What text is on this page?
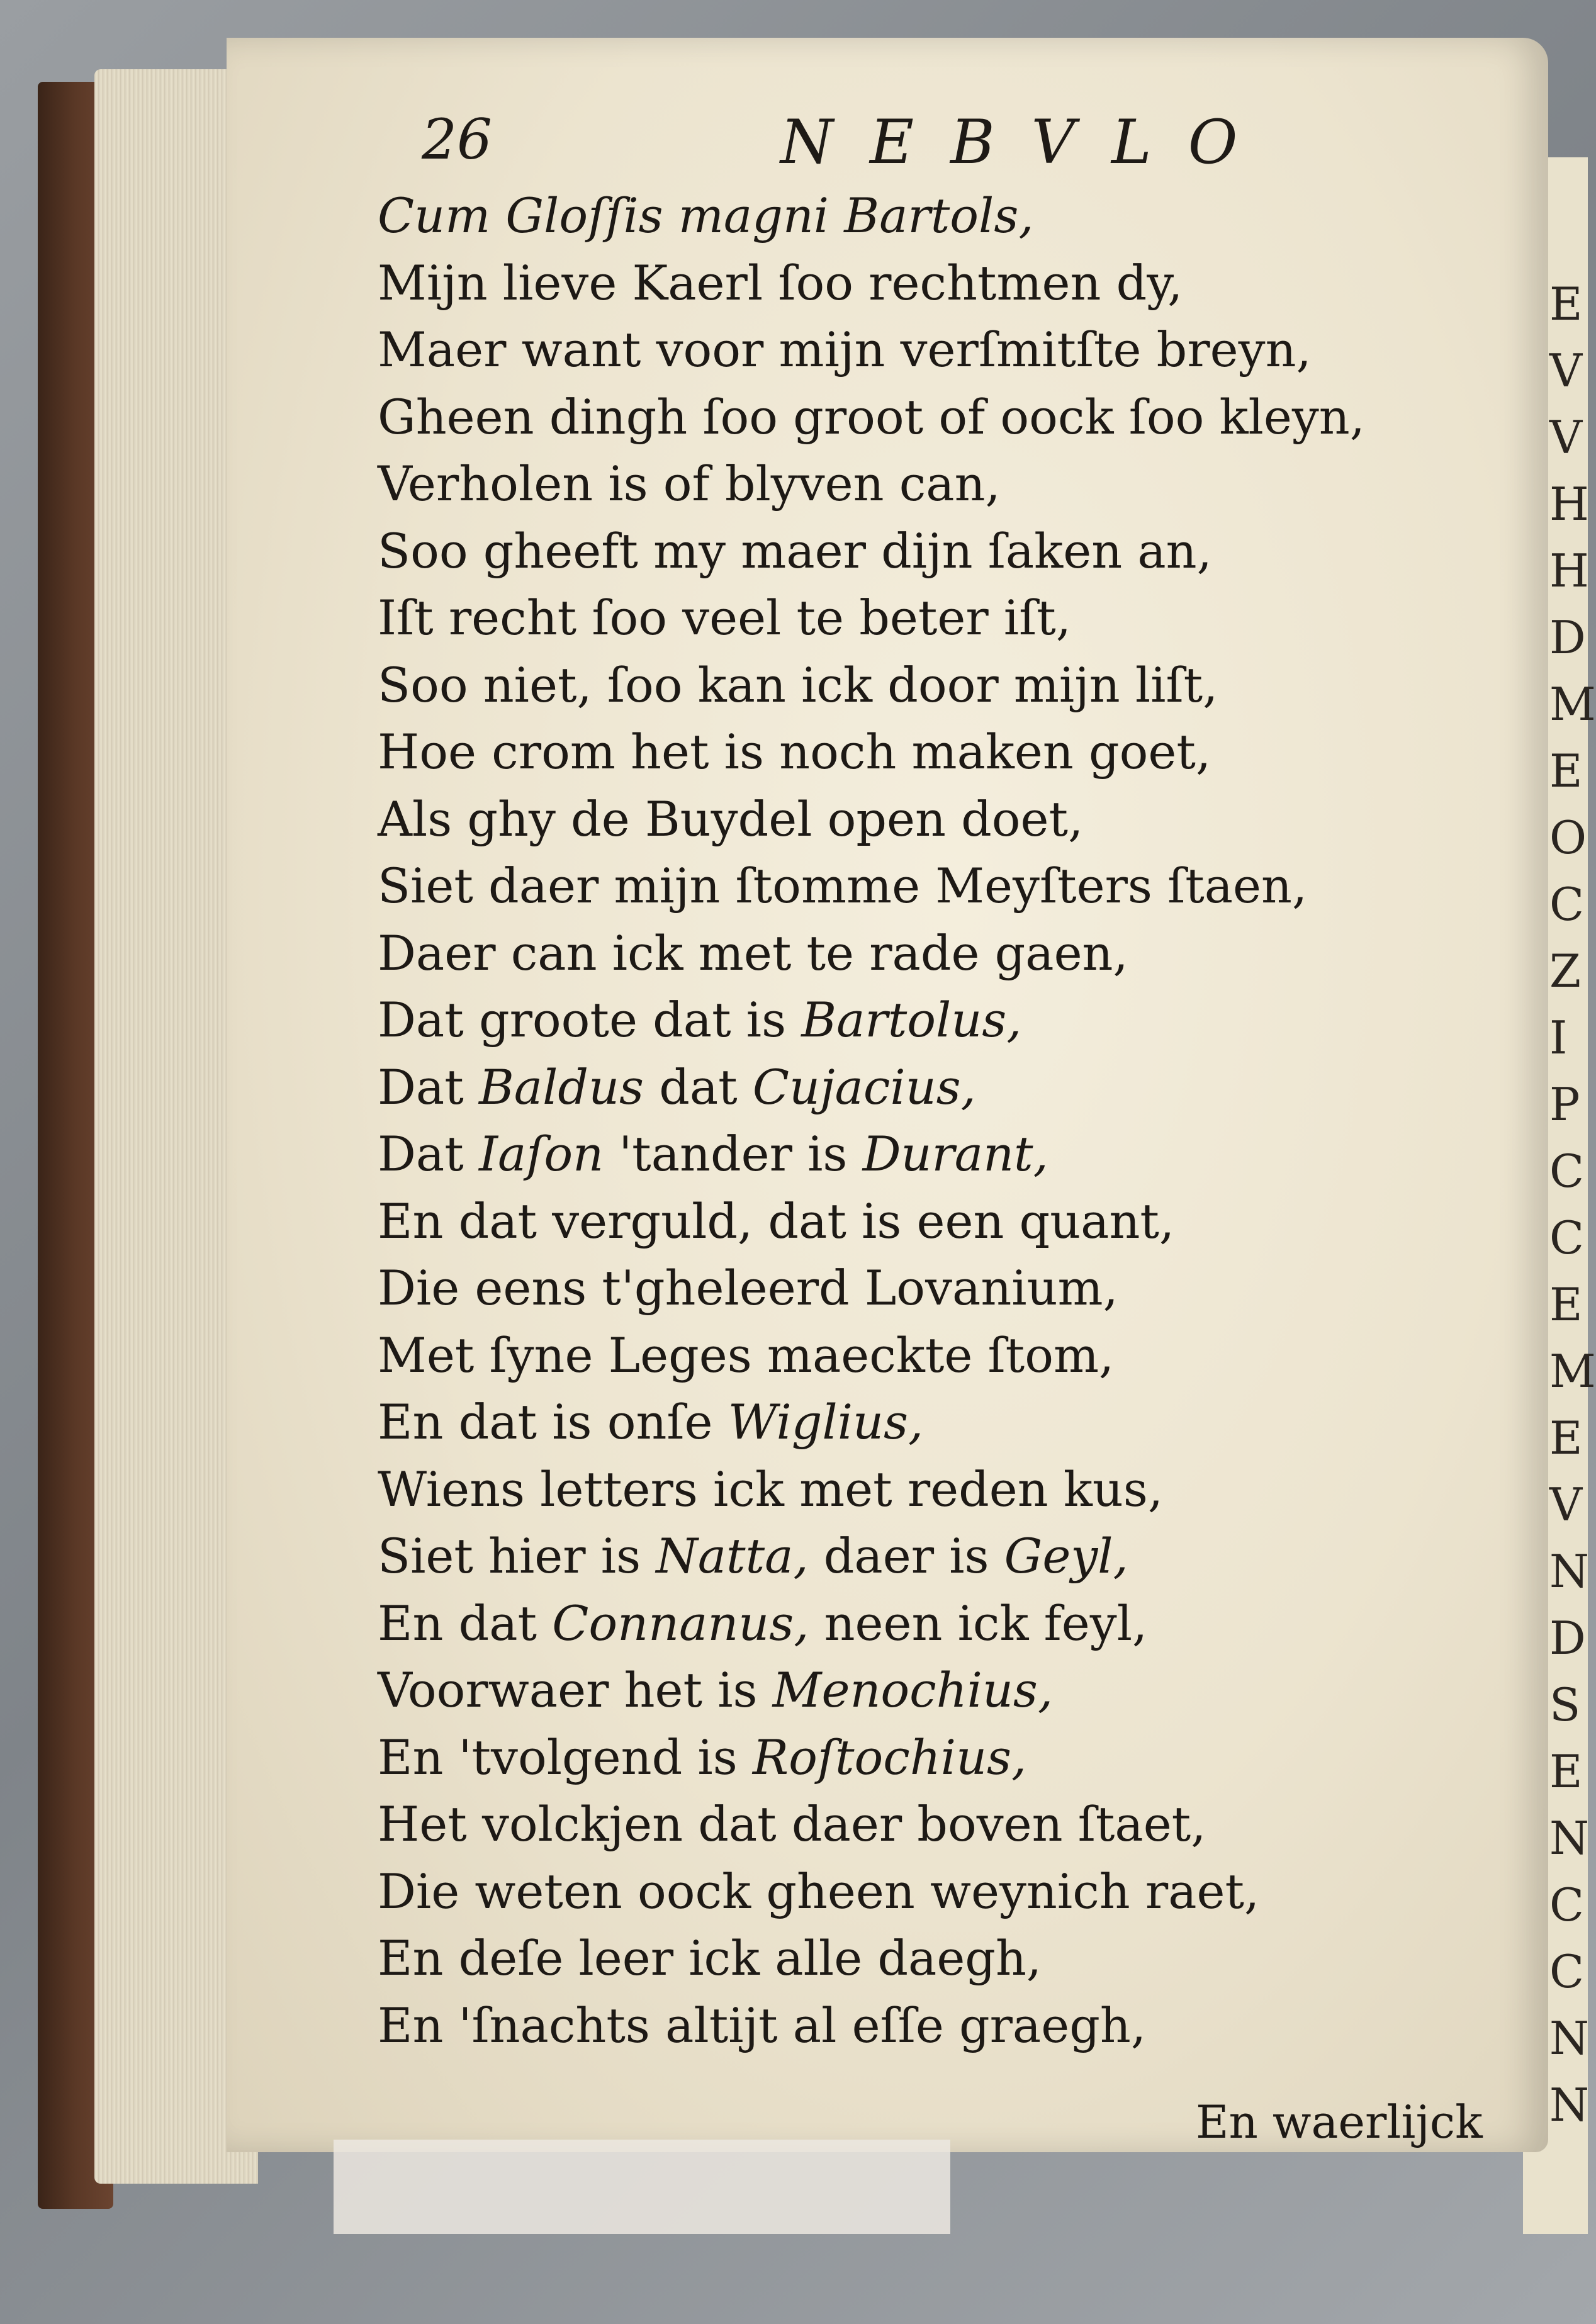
E
V
V
H
H
D
M
E
O
C
Z
I
P
C
C
E
M
E
V
N
D
S
E
N
C
C
N
N
26	NEBVLO
Cum Gloſſis magni Bartols,
Mijn lieve Kaerl ſoo rechtmen dy,
Maer want voor mijn verſmitſte breyn,
Gheen dingh ſoo groot of oock ſoo kleyn,
Verholen is of blyven can,
Soo gheeft my maer dijn ſaken an,
Iſt recht ſoo veel te beter iſt,
Soo niet, ſoo kan ick door mijn liſt,
Hoe crom het is noch maken goet,
Als ghy de Buydel open doet,
Siet daer mijn ſtomme Meyſters ſtaen,
Daer can ick met te rade gaen,
Dat groote dat is Bartolus,
Dat Baldus dat Cujacius,
Dat Iaſon 'tander is Durant,
En dat verguld, dat is een quant,
Die eens t'gheleerd Lovanium,
Met ſyne Leges maeckte ſtom,
En dat is onſe Wiglius,
Wiens letters ick met reden kus,
Siet hier is Natta, daer is Geyl,
En dat Connanus, neen ick feyl,
Voorwaer het is Menochius,
En 'tvolgend is Roſtochius,
Het volckjen dat daer boven ſtaet,
Die weten oock gheen weynich raet,
En deſe leer ick alle daegh,
En 'ſnachts altijt al eſſe graegh,
En waerlijck
